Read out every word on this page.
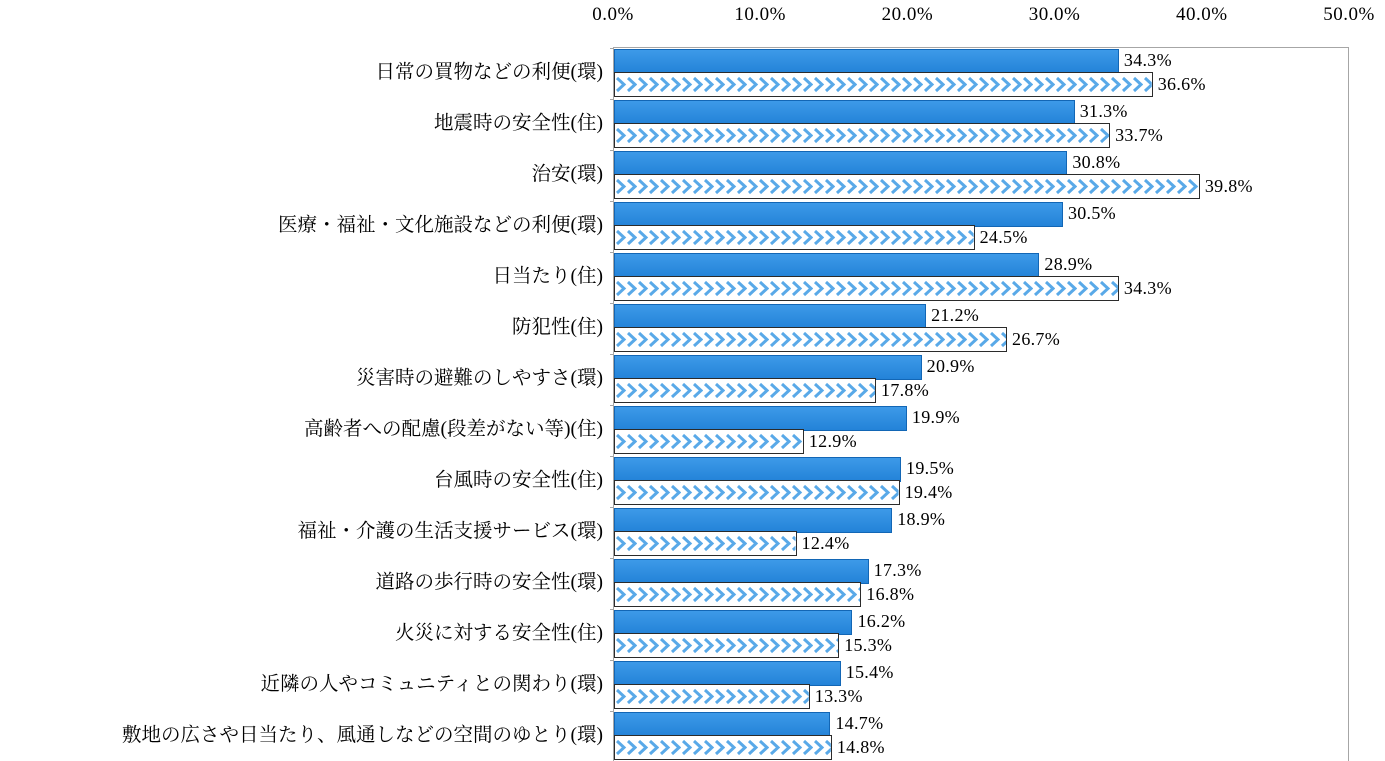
0.0%	10.0%	20.0%	30.0%	40.0%	50.0%
日常の買物などの利便(環)
地震時の安全性(住)
治安(環)
医療・福祉・文化施設などの利便(環)
日当たり(住)
防犯性(住)
災害時の避難のしやすさ(環)
高齢者への配慮(段差がない等)(住)
台風時の安全性(住)
福祉・介護の生活支援サービス(環)
道路の歩行時の安全性(環)
火災に対する安全性(住)
近隣の人やコミュニティとの関わり(環)
敷地の広さや日当たり、風通しなどの空間のゆとり(環)
34.3%
36.6%
31.3%
33.7%
30.8%
39.8%
30.5%
24.5%
28.9%
34.3%
21.2%
26.7%
20.9%
17.8%
19.9%
12.9%
19.5%
19.4%
18.9%
12.4%
17.3%
16.8%
16.2%
15.3%
15.4%
13.3%
14.7%
14.8%
